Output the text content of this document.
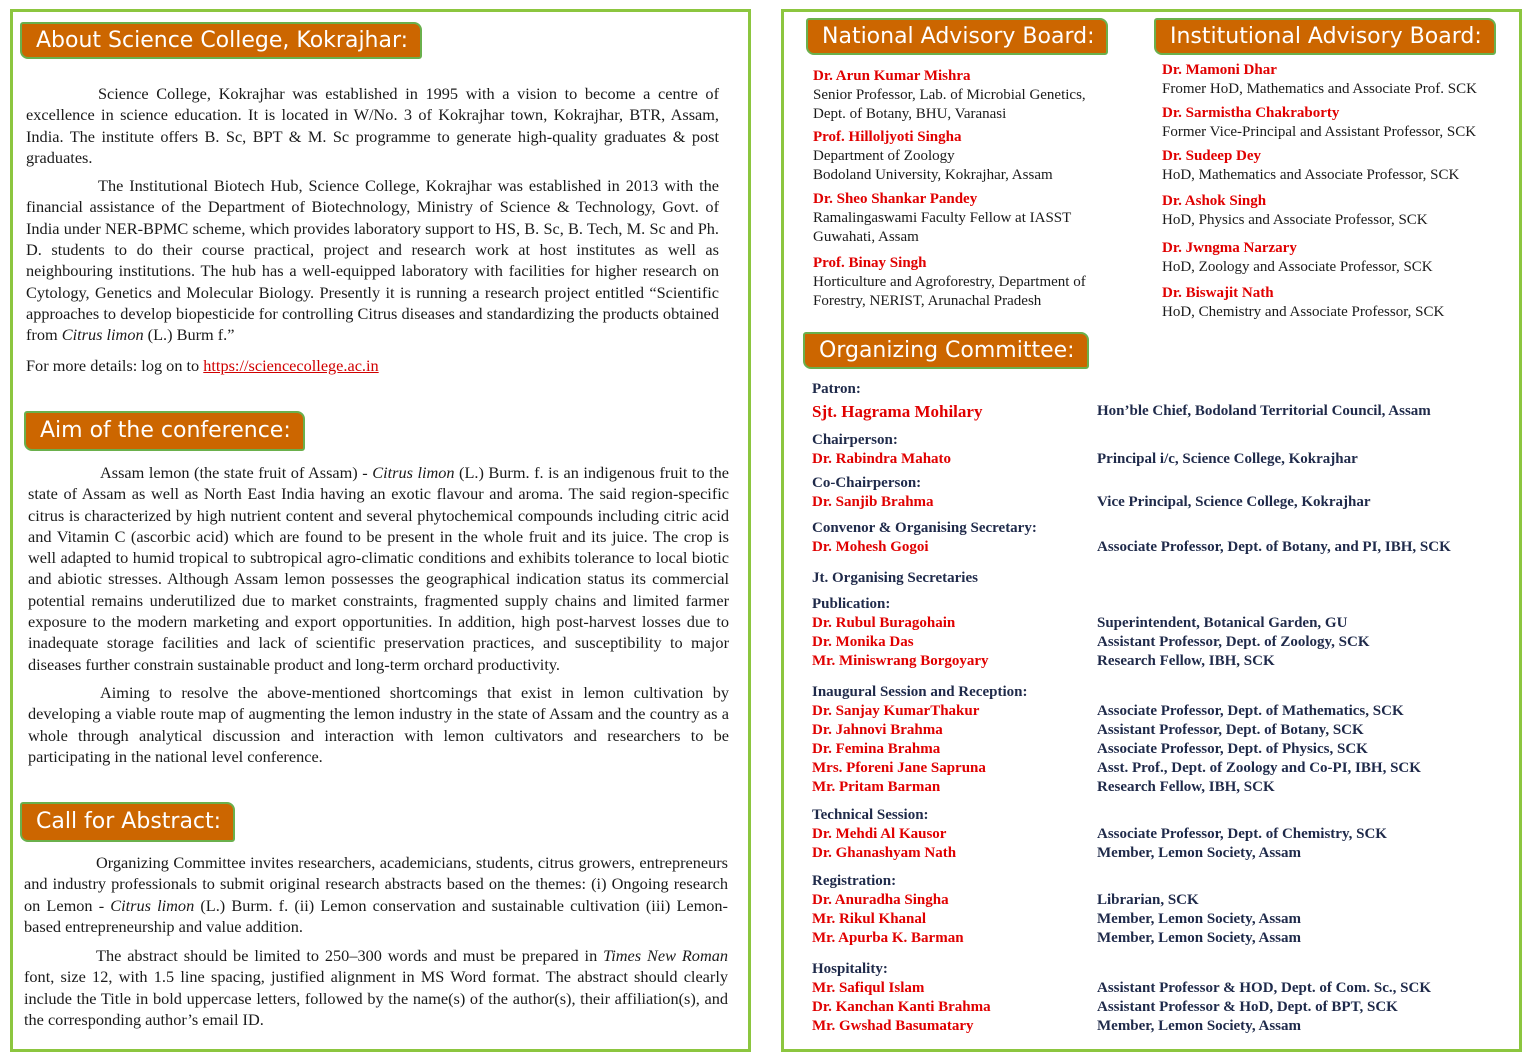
About Science College, Kokrajhar:

Science College, Kokrajhar was established in 1995 with a vision to become a centre of excellence in science education. It is located in W/No. 3 of Kokrajhar town, Kokrajhar, BTR, Assam, India. The institute offers B. Sc, BPT & M. Sc programme to generate high-quality graduates & post graduates.

The Institutional Biotech Hub, Science College, Kokrajhar was established in 2013 with the financial assistance of the Department of Biotechnology, Ministry of Science & Technology, Govt. of India under NER-BPMC scheme, which provides laboratory support to HS, B. Sc, B. Tech, M. Sc and Ph. D. students to do their course practical, project and research work at host institutes as well as neighbouring institutions. The hub has a well-equipped laboratory with facilities for higher research on Cytology, Genetics and Molecular Biology. Presently it is running a research project entitled “Scientific approaches to develop biopesticide for controlling Citrus diseases and standardizing the products obtained from Citrus limon (L.) Burm f.”

For more details: log on to https://sciencecollege.ac.in

Aim of the conference:

Assam lemon (the state fruit of Assam) - Citrus limon (L.) Burm. f. is an indigenous fruit to the state of Assam as well as North East India having an exotic flavour and aroma. The said region-specific citrus is characterized by high nutrient content and several phytochemical compounds including citric acid and Vitamin C (ascorbic acid) which are found to be present in the whole fruit and its juice. The crop is well adapted to humid tropical to subtropical agro-climatic conditions and exhibits tolerance to local biotic and abiotic stresses. Although Assam lemon possesses the geographical indication status its commercial potential remains underutilized due to market constraints, fragmented supply chains and limited farmer exposure to the modern marketing and export opportunities. In addition, high post-harvest losses due to inadequate storage facilities and lack of scientific preservation practices, and susceptibility to major diseases further constrain sustainable product and long-term orchard productivity.

Aiming to resolve the above-mentioned shortcomings that exist in lemon cultivation by developing a viable route map of augmenting the lemon industry in the state of Assam and the country as a whole through analytical discussion and interaction with lemon cultivators and researchers to be participating in the national level conference.

Call for Abstract:

Organizing Committee invites researchers, academicians, students, citrus growers, entrepreneurs and industry professionals to submit original research abstracts based on the themes: (i) Ongoing research on Lemon - Citrus limon (L.) Burm. f. (ii) Lemon conservation and sustainable cultivation (iii) Lemon-based entrepreneurship and value addition.

The abstract should be limited to 250–300 words and must be prepared in Times New Roman font, size 12, with 1.5 line spacing, justified alignment in MS Word format. The abstract should clearly include the Title in bold uppercase letters, followed by the name(s) of the author(s), their affiliation(s), and the corresponding author’s email ID.

National Advisory Board:	Institutional Advisory Board:
Organizing Committee:
Dr. Arun Kumar Mishra
Senior Professor, Lab. of Microbial Genetics,
Dept. of Botany, BHU, Varanasi
Prof. Hilloljyoti Singha
Department of Zoology
Bodoland University, Kokrajhar, Assam
Dr. Sheo Shankar Pandey
Ramalingaswami Faculty Fellow at IASST
Guwahati, Assam
Prof. Binay Singh
Horticulture and Agroforestry, Department of
Forestry, NERIST, Arunachal Pradesh
Dr. Mamoni Dhar
Fromer HoD, Mathematics and Associate Prof. SCK
Dr. Sarmistha Chakraborty
Former Vice-Principal and Assistant Professor, SCK
Dr. Sudeep Dey
HoD, Mathematics and Associate Professor, SCK
Dr. Ashok Singh
HoD, Physics and Associate Professor, SCK
Dr. Jwngma Narzary
HoD, Zoology and Associate Professor, SCK
Dr. Biswajit Nath
HoD, Chemistry and Associate Professor, SCK
Patron:
Sjt. Hagrama Mohilary	Hon’ble Chief, Bodoland Territorial Council, Assam
Chairperson:
Dr. Rabindra Mahato	Principal i/c, Science College, Kokrajhar
Co-Chairperson:
Dr. Sanjib Brahma	Vice Principal, Science College, Kokrajhar
Convenor & Organising Secretary:
Dr. Mohesh Gogoi	Associate Professor, Dept. of Botany, and PI, IBH, SCK
Jt. Organising Secretaries
Publication:
Dr. Rubul Buragohain	Superintendent, Botanical Garden, GU
Dr. Monika Das	Assistant Professor, Dept. of Zoology, SCK
Mr. Miniswrang Borgoyary	Research Fellow, IBH, SCK
Inaugural Session and Reception:
Dr. Sanjay KumarThakur	Associate Professor, Dept. of Mathematics, SCK
Dr. Jahnovi Brahma	Assistant Professor, Dept. of Botany, SCK
Dr. Femina Brahma	Associate Professor, Dept. of Physics, SCK
Mrs. Pforeni Jane Sapruna	Asst. Prof., Dept. of Zoology and Co-PI, IBH, SCK
Mr. Pritam Barman	Research Fellow, IBH, SCK
Technical Session:
Dr. Mehdi Al Kausor	Associate Professor, Dept. of Chemistry, SCK
Dr. Ghanashyam Nath	Member, Lemon Society, Assam
Registration:
Dr. Anuradha Singha	Librarian, SCK
Mr. Rikul Khanal	Member, Lemon Society, Assam
Mr. Apurba K. Barman	Member, Lemon Society, Assam
Hospitality:
Mr. Safiqul Islam	Assistant Professor & HOD, Dept. of Com. Sc., SCK
Dr. Kanchan Kanti Brahma	Assistant Professor & HoD, Dept. of BPT, SCK
Mr. Gwshad Basumatary	Member, Lemon Society, Assam
